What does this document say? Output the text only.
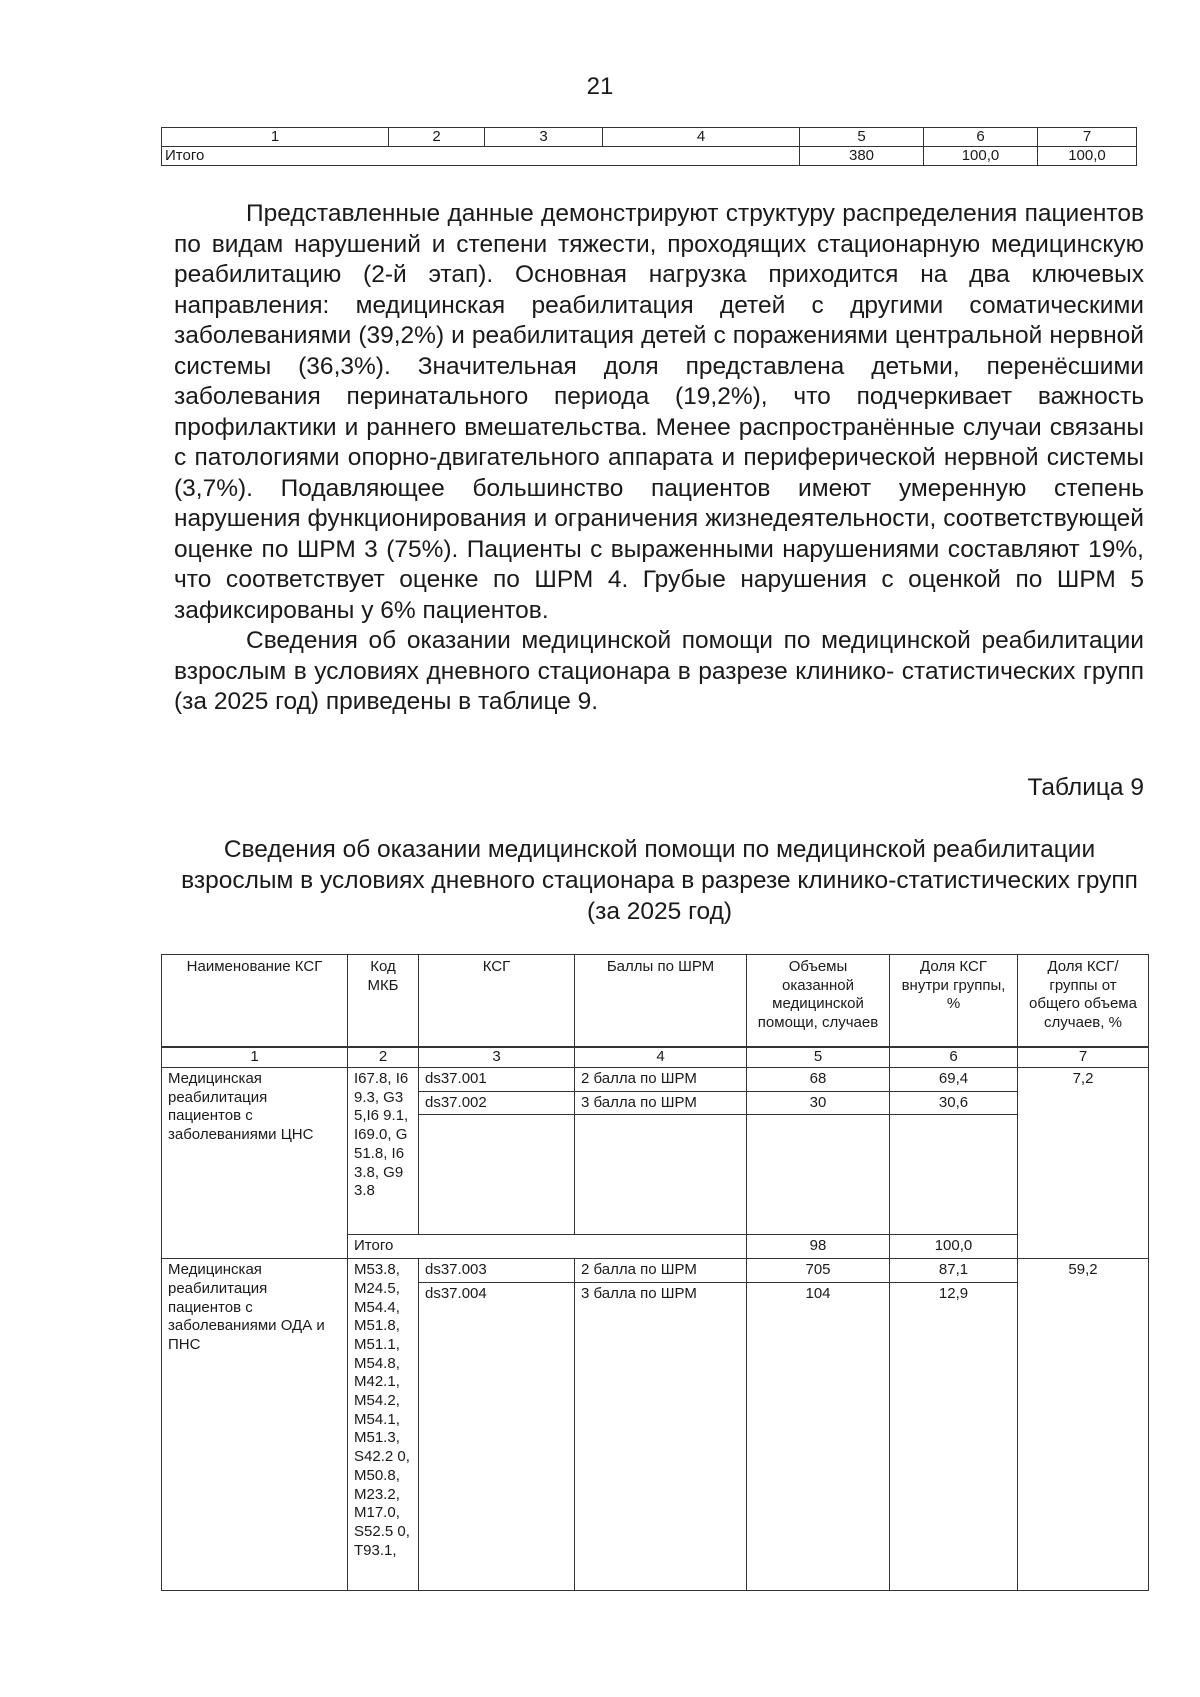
21
1	2	3	4	5	6	7
Итого				380	100,0	100,0

Представленные данные демонстрируют структуру распределения пациентов по видам нарушений и степени тяжести, проходящих стационарную медицинскую реабилитацию (2-й этап). Основная нагрузка приходится на два ключевых направления: медицинская реабилитация детей с другими соматическими заболеваниями (39,2%) и реабилитация детей с поражениями центральной нервной системы (36,3%). Значительная доля представлена детьми, перенёсшими заболевания перинатального периода (19,2%), что подчеркивает важность профилактики и раннего вмешательства. Менее распространённые случаи связаны с патологиями опорно-двигательного аппарата и периферической нервной системы (3,7%). Подавляющее большинство пациентов имеют умеренную степень нарушения функционирования и ограничения жизнедеятельности, соответствующей оценке по ШРМ 3 (75%). Пациенты с выраженными нарушениями составляют 19%, что соответствует оценке по ШРМ 4. Грубые нарушения с оценкой по ШРМ 5 зафиксированы у 6% пациентов.

Сведения об оказании медицинской помощи по медицинской реабилитации взрослым в условиях дневного стационара в разрезе клинико- статистических групп (за 2025 год) приведены в таблице 9.

Таблица 9
Сведения об оказании медицинской помощи по медицинской реабилитации взрослым в условиях дневного стационара в разрезе клинико-статистических групп (за 2025 год)
Наименование КСГ	Код МКБ	КСГ	Баллы по ШРМ	Объемы оказанной медицинской помощи, случаев	Доля КСГ внутри группы, %	Доля КСГ/группы от общего объема случаев, %
1	2	3	4	5	6	7
Медицинская реабилитация пациентов с заболеваниями ЦНС	I67.8, I69.3, G35,I6 9.1, I69.0, G51.8, I63.8, G93.8	ds37.001	2 балла по ШРМ	68	69,4	7,2
		ds37.002	3 балла по ШРМ	30	30,6	

	Итого			98	100,0	
Медицинская реабилитация пациентов с заболеваниями ОДА и ПНС	M53.8, M24.5, M54.4, M51.8, M51.1, M54.8, M42.1, M54.2, M54.1, M51.3, S42.2 0, M50.8, M23.2, M17.0, S52.5 0, T93.1,	ds37.003	2 балла по ШРМ	705	87,1	59,2
		ds37.004	3 балла по ШРМ	104	12,9	
